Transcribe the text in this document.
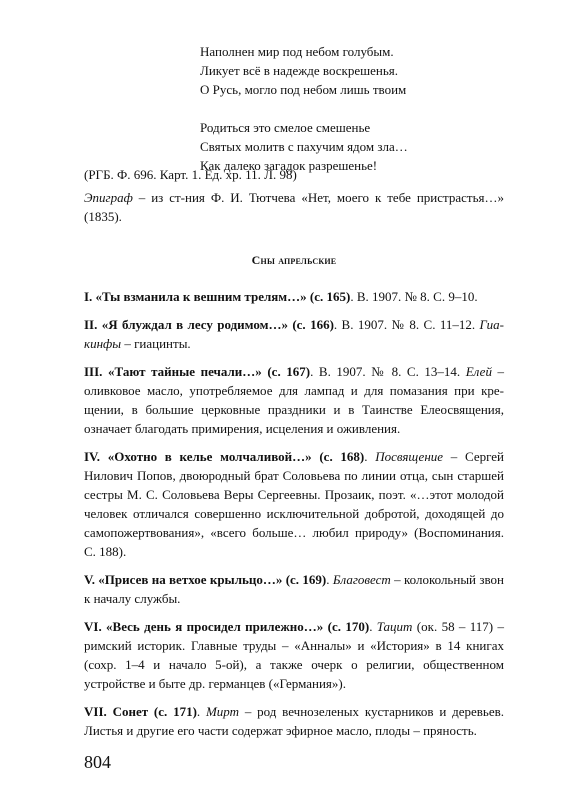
Наполнен мир под небом голубым.
Ликует всё в надежде воскрешенья.
О Русь, могло под небом лишь твоим
Родиться это смелое смешенье
Святых молитв с пахучим ядом зла…
Как далеко загадок разрешенье!
(РГБ. Ф. 696. Карт. 1. Ед. хр. 11. Л. 98)
Эпиграф – из ст-ния Ф. И. Тютчева «Нет, моего к тебе пристрастья…» (1835).
Сны апрельские
I. «Ты взманила к вешним трелям…» (с. 165). В. 1907. № 8. С. 9–10.
II. «Я блуждал в лесу родимом…» (с. 166). В. 1907. № 8. С. 11–12. Гиакинфы – гиацинты.
III. «Тают тайные печали…» (с. 167). В. 1907. № 8. С. 13–14. Елей – оливковое масло, употребляемое для лампад и для помазания при крещении, в большие церковные праздники и в Таинстве Елеосвящения, означает благодать примирения, исцеления и оживления.
IV. «Охотно в келье молчаливой…» (с. 168). Посвящение – Сергей Нилович Попов, двоюродный брат Соловьева по линии отца, сын старшей сестры М. С. Соловьева Веры Сергеевны. Прозаик, поэт. «…этот молодой человек отличался совершенно исключительной добротой, доходящей до самопожертвования», «всего больше… любил природу» (Воспоминания. С. 188).
V. «Присев на ветхое крыльцо…» (с. 169). Благовест – колокольный звон к началу службы.
VI. «Весь день я просидел прилежно…» (с. 170). Тацит (ок. 58 – 117) – римский историк. Главные труды – «Анналы» и «История» в 14 книгах (сохр. 1–4 и начало 5-ой), а также очерк о религии, общественном устройстве и быте др. германцев («Германия»).
VII. Сонет (с. 171). Мирт – род вечнозеленых кустарников и деревьев. Листья и другие его части содержат эфирное масло, плоды – пряность.
804
